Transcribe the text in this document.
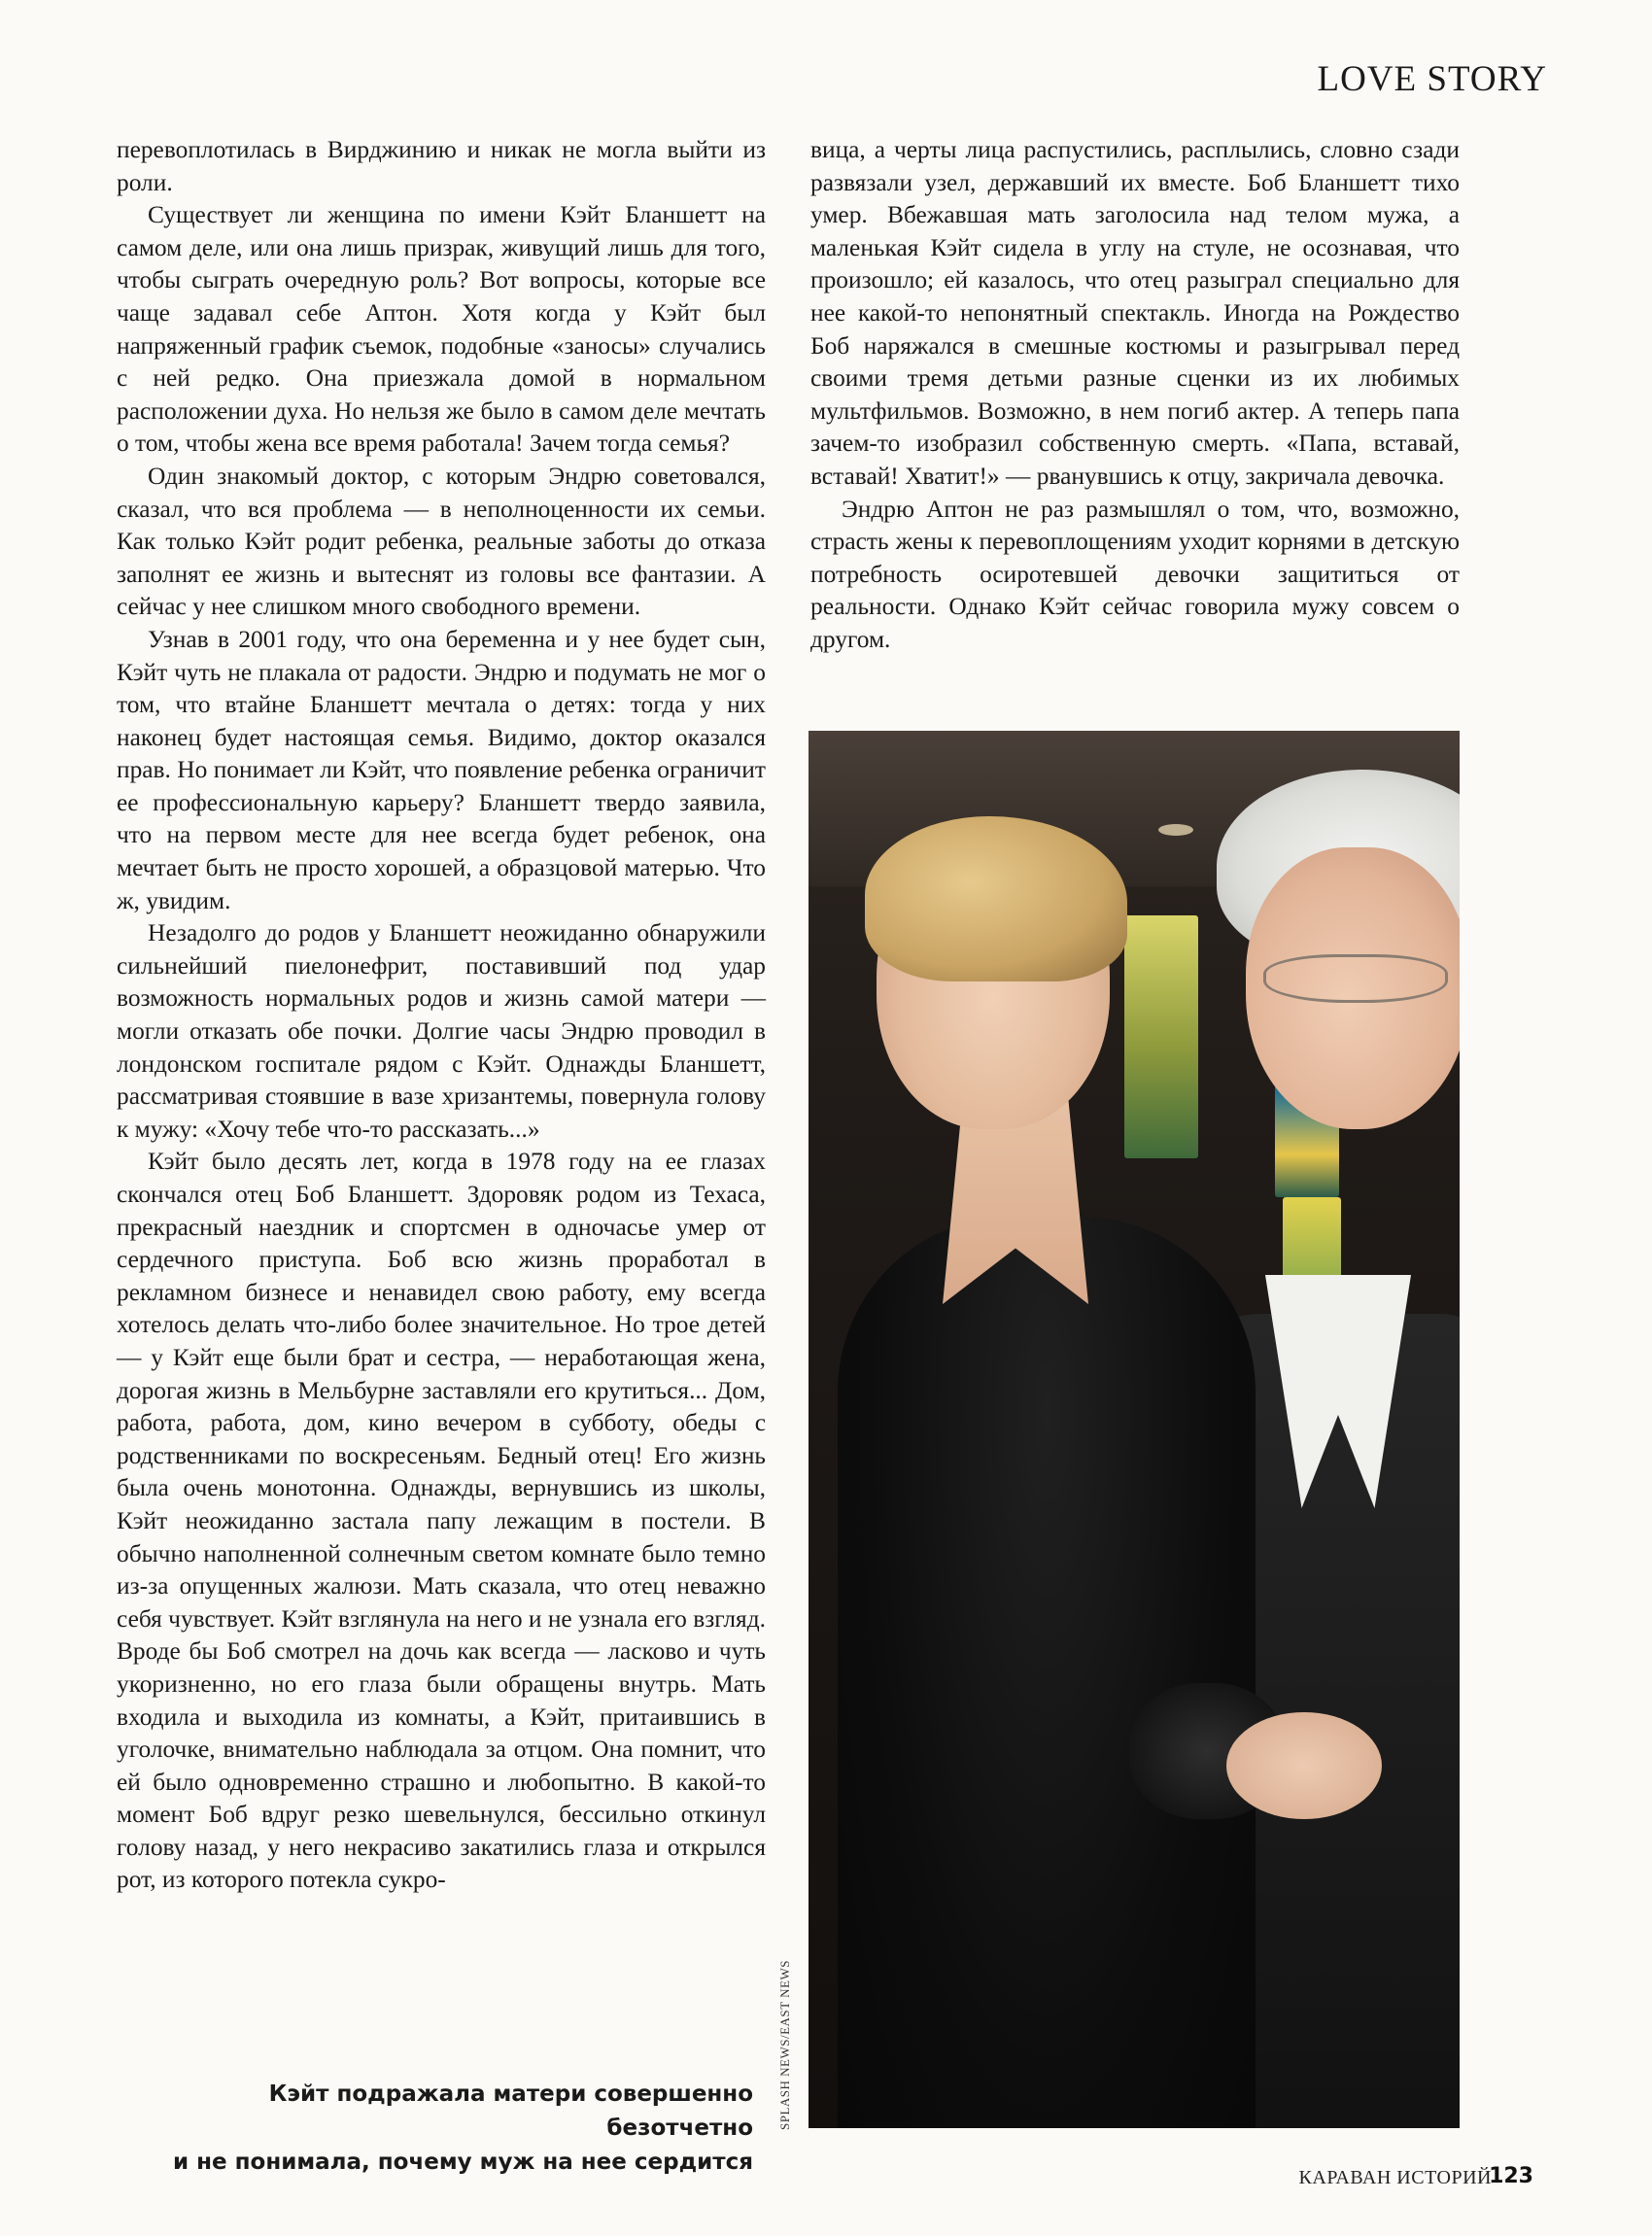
LOVE STORY

перевоплотилась в Вирджинию и никак не могла выйти из роли.

Существует ли женщина по имени Кэйт Бланшетт на самом деле, или она лишь призрак, живущий лишь для того, чтобы сыграть очередную роль? Вот вопросы, которые все чаще задавал себе Аптон. Хотя когда у Кэйт был напряженный график съемок, подобные «заносы» случались с ней редко. Она приезжала домой в нормальном расположении духа. Но нельзя же было в самом деле мечтать о том, чтобы жена все время работала! Зачем тогда семья?

Один знакомый доктор, с которым Эндрю советовался, сказал, что вся проблема — в неполноценности их семьи. Как только Кэйт родит ребенка, реальные заботы до отказа заполнят ее жизнь и вытеснят из головы все фантазии. А сейчас у нее слишком много свободного времени.

Узнав в 2001 году, что она беременна и у нее будет сын, Кэйт чуть не плакала от радости. Эндрю и подумать не мог о том, что втайне Бланшетт мечтала о детях: тогда у них наконец будет настоящая семья. Видимо, доктор оказался прав. Но понимает ли Кэйт, что появление ребенка ограничит ее профессиональную карьеру? Бланшетт твердо заявила, что на первом месте для нее всегда будет ребенок, она мечтает быть не просто хорошей, а образцовой матерью. Что ж, увидим.

Незадолго до родов у Бланшетт неожиданно обнаружили сильнейший пиелонефрит, поставивший под удар возможность нормальных родов и жизнь самой матери — могли отказать обе почки. Долгие часы Эндрю проводил в лондонском госпитале рядом с Кэйт. Однажды Бланшетт, рассматривая стоявшие в вазе хризантемы, повернула голову к мужу: «Хочу тебе что-то рассказать...»

Кэйт было десять лет, когда в 1978 году на ее глазах скончался отец Боб Бланшетт. Здоровяк родом из Техаса, прекрасный наездник и спортсмен в одночасье умер от сердечного приступа. Боб всю жизнь проработал в рекламном бизнесе и ненавидел свою работу, ему всегда хотелось делать что-либо более значительное. Но трое детей — у Кэйт еще были брат и сестра, — неработающая жена, дорогая жизнь в Мельбурне заставляли его крутиться... Дом, работа, работа, дом, кино вечером в субботу, обеды с родственниками по воскресеньям. Бедный отец! Его жизнь была очень монотонна. Однажды, вернувшись из школы, Кэйт неожиданно застала папу лежащим в постели. В обычно наполненной солнечным светом комнате было темно из-за опущенных жалюзи. Мать сказала, что отец неважно себя чувствует. Кэйт взглянула на него и не узнала его взгляд. Вроде бы Боб смотрел на дочь как всегда — ласково и чуть укоризненно, но его глаза были обращены внутрь. Мать входила и выходила из комнаты, а Кэйт, притаившись в уголочке, внимательно наблюдала за отцом. Она помнит, что ей было одновременно страшно и любопытно. В какой-то момент Боб вдруг резко шевельнулся, бессильно откинул голову назад, у него некрасиво закатились глаза и открылся рот, из которого потекла сукро-

вица, а черты лица распустились, расплылись, словно сзади развязали узел, державший их вместе. Боб Бланшетт тихо умер. Вбежавшая мать заголосила над телом мужа, а маленькая Кэйт сидела в углу на стуле, не осознавая, что произошло; ей казалось, что отец разыграл специально для нее какой-то непонятный спектакль. Иногда на Рождество Боб наряжался в смешные костюмы и разыгрывал перед своими тремя детьми разные сценки из их любимых мультфильмов. Возможно, в нем погиб актер. А теперь папа зачем-то изобразил собственную смерть. «Папа, вставай, вставай! Хватит!» — рванувшись к отцу, закричала девочка.

Эндрю Аптон не раз размышлял о том, что, возможно, страсть жены к перевоплощениям уходит корнями в детскую потребность осиротевшей девочки защититься от реальности. Однако Кэйт сейчас говорила мужу совсем о другом.

SPLASH NEWS/EAST NEWS
Кэйт подражала матери совершенно безотчетно
и не понимала, почему муж на нее сердится
КАРАВАН ИСТОРИЙ
123
